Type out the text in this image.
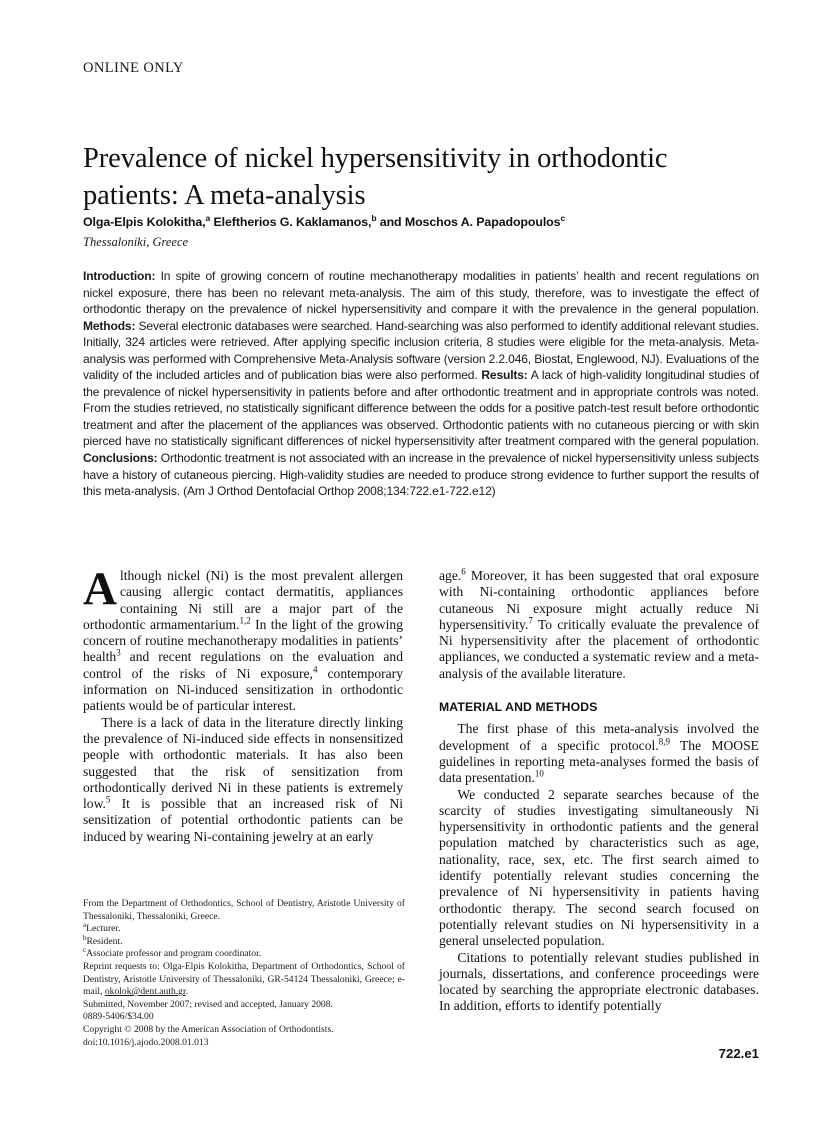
ONLINE ONLY
Prevalence of nickel hypersensitivity in orthodontic patients: A meta-analysis
Olga-Elpis Kolokitha,$^a$ Eleftherios G. Kaklamanos,$^b$ and Moschos A. Papadopoulos$^c$
Thessaloniki, Greece
Introduction: In spite of growing concern of routine mechanotherapy modalities in patients’ health and recent regulations on nickel exposure, there has been no relevant meta-analysis. The aim of this study, therefore, was to investigate the effect of orthodontic therapy on the prevalence of nickel hypersensitivity and compare it with the prevalence in the general population. Methods: Several electronic databases were searched. Hand-searching was also performed to identify additional relevant studies. Initially, 324 articles were retrieved. After applying specific inclusion criteria, 8 studies were eligible for the meta-analysis. Meta-analysis was performed with Comprehensive Meta-Analysis software (version 2.2.046, Biostat, Englewood, NJ). Evaluations of the validity of the included articles and of publication bias were also performed. Results: A lack of high-validity longitudinal studies of the prevalence of nickel hypersensitivity in patients before and after orthodontic treatment and in appropriate controls was noted. From the studies retrieved, no statistically significant difference between the odds for a positive patch-test result before orthodontic treatment and after the placement of the appliances was observed. Orthodontic patients with no cutaneous piercing or with skin pierced have no statistically significant differences of nickel hypersensitivity after treatment compared with the general population. Conclusions: Orthodontic treatment is not associated with an increase in the prevalence of nickel hypersensitivity unless subjects have a history of cutaneous piercing. High-validity studies are needed to produce strong evidence to further support the results of this meta-analysis. (Am J Orthod Dentofacial Orthop 2008;134:722.e1-722.e12)

Although nickel (Ni) is the most prevalent allergen causing allergic contact dermatitis, appliances containing Ni still are a major part of the orthodontic armamentarium.$^{1,2}$ In the light of the growing concern of routine mechanotherapy modalities in patients’ health$^3$ and recent regulations on the evaluation and control of the risks of Ni exposure,$^4$ contemporary information on Ni-induced sensitization in orthodontic patients would be of particular interest.

There is a lack of data in the literature directly linking the prevalence of Ni-induced side effects in nonsensitized people with orthodontic materials. It has also been suggested that the risk of sensitization from orthodontically derived Ni in these patients is extremely low.$^5$ It is possible that an increased risk of Ni sensitization of potential orthodontic patients can be induced by wearing Ni-containing jewelry at an early

age.$^6$ Moreover, it has been suggested that oral exposure with Ni-containing orthodontic appliances before cutaneous Ni exposure might actually reduce Ni hypersensitivity.$^7$ To critically evaluate the prevalence of Ni hypersensitivity after the placement of orthodontic appliances, we conducted a systematic review and a meta-analysis of the available literature.

MATERIAL AND METHODS

The first phase of this meta-analysis involved the development of a specific protocol.$^{8,9}$ The MOOSE guidelines in reporting meta-analyses formed the basis of data presentation.$^{10}$

We conducted 2 separate searches because of the scarcity of studies investigating simultaneously Ni hypersensitivity in orthodontic patients and the general population matched by characteristics such as age, nationality, race, sex, etc. The first search aimed to identify potentially relevant studies concerning the prevalence of Ni hypersensitivity in patients having orthodontic therapy. The second search focused on potentially relevant studies on Ni hypersensitivity in a general unselected population.

Citations to potentially relevant studies published in journals, dissertations, and conference proceedings were located by searching the appropriate electronic databases. In addition, efforts to identify potentially

From the Department of Orthodontics, School of Dentistry, Aristotle University of Thessaloniki, Thessaloniki, Greece.
$^a$Lecturer.
$^b$Resident.
$^c$Associate professor and program coordinator.
Reprint requests to: Olga-Elpis Kolokitha, Department of Orthodontics, School of Dentistry, Aristotle University of Thessaloniki, GR-54124 Thessaloniki, Greece; e-mail, okolok@dent.auth.gr.
Submitted, November 2007; revised and accepted, January 2008.
0889-5406/$34.00
Copyright © 2008 by the American Association of Orthodontists.
doi:10.1016/j.ajodo.2008.01.013
722.e1
